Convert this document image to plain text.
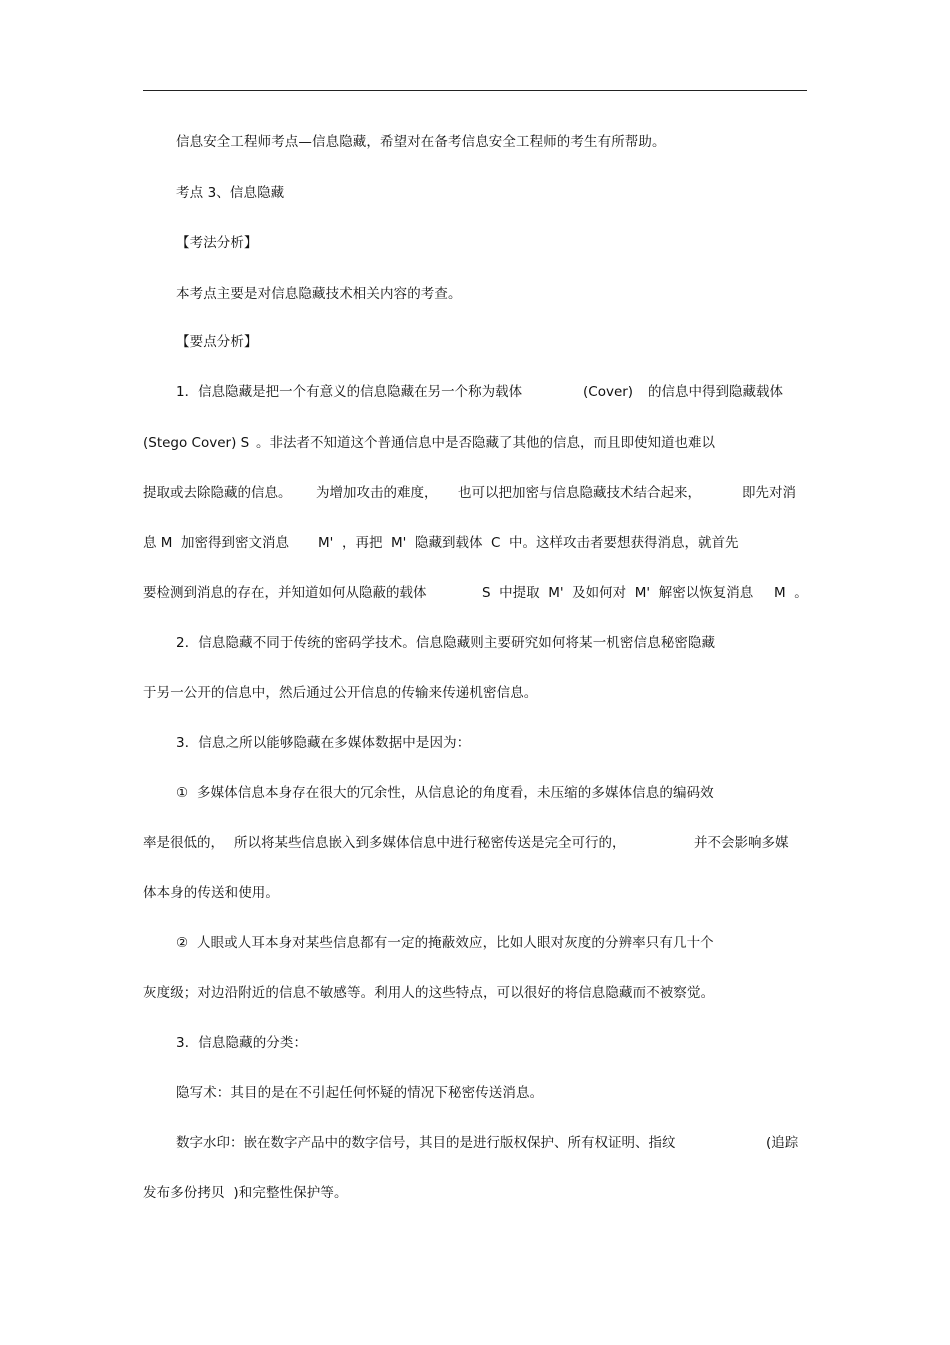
信息安全工程师考点—信息隐藏，希望对在备考信息安全工程师的考生有所帮助。
考点 3、信息隐藏
【考法分析】
本考点主要是对信息隐藏技术相关内容的考查。
【要点分析】
1．信息隐藏是把一个有意义的信息隐藏在另一个称为载体	(Cover) 的信息中得到隐藏载体
(Stego Cover) S 。非法者不知道这个普通信息中是否隐藏了其他的信息，而且即使知道也难以
提取或去除隐藏的信息。 为增加攻击的难度， 也可以把加密与信息隐藏技术结合起来，	即先对消
息 M  加密得到密文消息 M'  ，再把  M'  隐藏到载体  C  中。这样攻击者要想获得消息，就首先
要检测到消息的存在，并知道如何从隐蔽的载体	S  中提取  M'  及如何对  M'  解密以恢复消息 M  。
2．信息隐藏不同于传统的密码学技术。信息隐藏则主要研究如何将某一机密信息秘密隐藏
于另一公开的信息中，然后通过公开信息的传输来传递机密信息。
3．信息之所以能够隐藏在多媒体数据中是因为：
①  多媒体信息本身存在很大的冗余性，从信息论的角度看，未压缩的多媒体信息的编码效
率是很低的， 所以将某些信息嵌入到多媒体信息中进行秘密传送是完全可行的，	并不会影响多媒
体本身的传送和使用。
②  人眼或人耳本身对某些信息都有一定的掩蔽效应，比如人眼对灰度的分辨率只有几十个
灰度级；对边沿附近的信息不敏感等。利用人的这些特点，可以很好的将信息隐藏而不被察觉。
3．信息隐藏的分类：
隐写术：其目的是在不引起任何怀疑的情况下秘密传送消息。
数字水印：嵌在数字产品中的数字信号，其目的是进行版权保护、所有权证明、指纹	(追踪
发布多份拷贝  )和完整性保护等。
